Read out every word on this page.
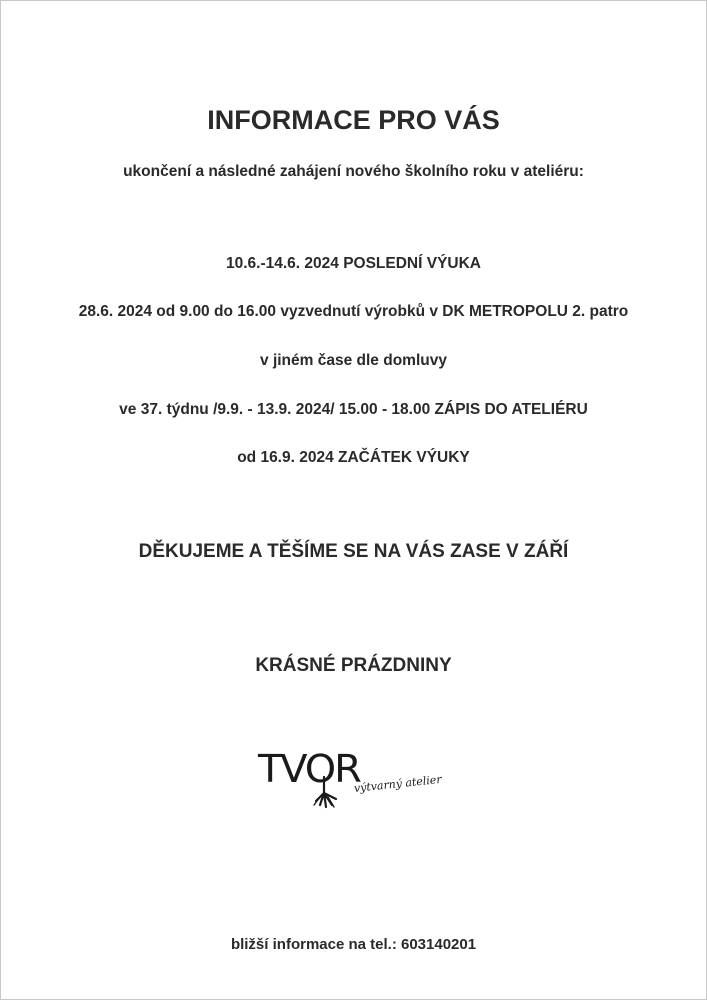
INFORMACE PRO VÁS
ukončení a následné zahájení nového školního roku v ateliéru:
10.6.-14.6. 2024 POSLEDNÍ VÝUKA
28.6. 2024 od 9.00 do 16.00 vyzvednutí výrobků v DK METROPOLU 2. patro
v jiném čase dle domluvy
ve 37. týdnu /9.9. - 13.9. 2024/ 15.00 - 18.00 ZÁPIS DO ATELIÉRU
od 16.9. 2024 ZAČÁTEK VÝUKY
DĚKUJEME A TĚŠÍME SE NA VÁS ZASE V ZÁŘÍ
KRÁSNÉ PRÁZDNINY
TVOR
výtvarný atelier
bližší informace na tel.: 603140201
